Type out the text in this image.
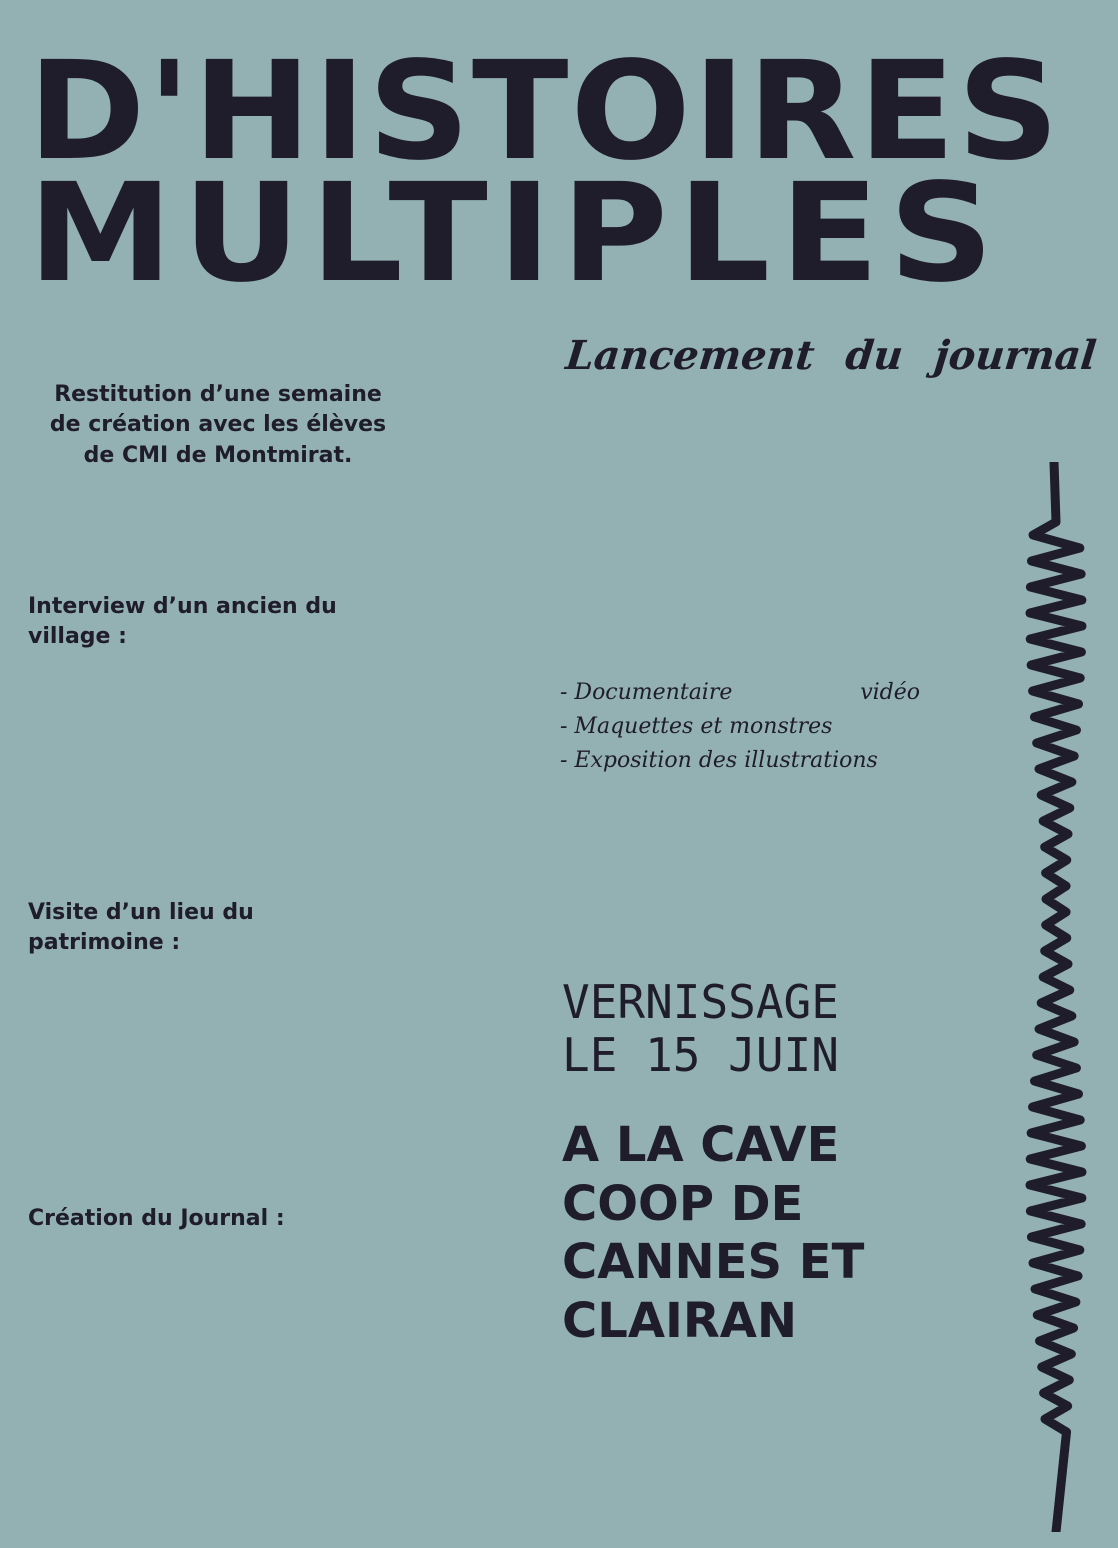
D'HISTOIRES
MULTIPLES
Lancement du journal
Restitution d’une semaine de création avec les élèves de CMI de Montmirat.
Interview d’un ancien du village :
Visite d’un lieu du patrimoine :
Création du Journal :
- Documentaire	vidéo
- Maquettes et monstres
- Exposition des illustrations
VERNISSAGE
LE 15 JUIN
A LA CAVE
COOP DE
CANNES ET
CLAIRAN
